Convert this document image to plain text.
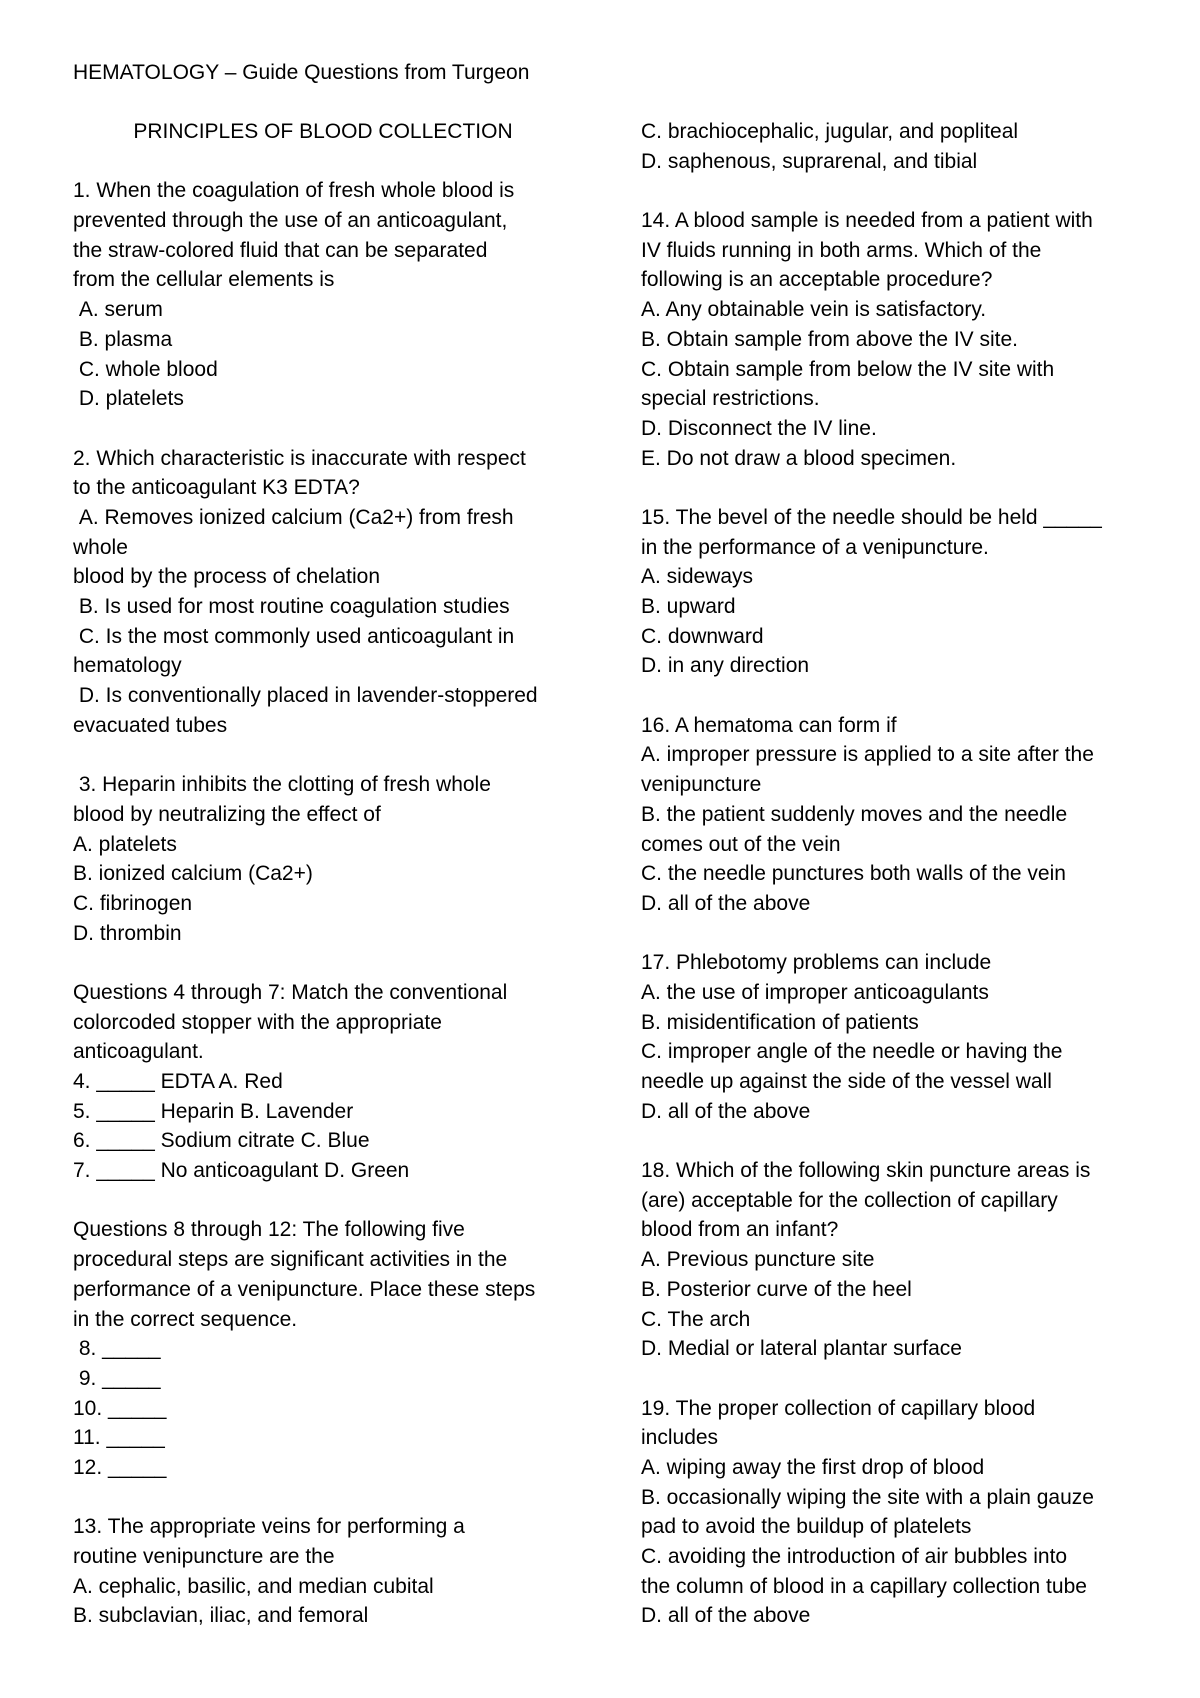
HEMATOLOGY – Guide Questions from Turgeon
PRINCIPLES OF BLOOD COLLECTION
1. When the coagulation of fresh whole blood is
prevented through the use of an anticoagulant,
the straw-colored fluid that can be separated
from the cellular elements is
A. serum
B. plasma
C. whole blood
D. platelets
2. Which characteristic is inaccurate with respect
to the anticoagulant K3 EDTA?
A. Removes ionized calcium (Ca2+) from fresh
whole
blood by the process of chelation
B. Is used for most routine coagulation studies
C. Is the most commonly used anticoagulant in
hematology
D. Is conventionally placed in lavender-stoppered
evacuated tubes
3. Heparin inhibits the clotting of fresh whole
blood by neutralizing the effect of
A. platelets
B. ionized calcium (Ca2+)
C. fibrinogen
D. thrombin
Questions 4 through 7: Match the conventional
colorcoded stopper with the appropriate
anticoagulant.
4. _____ EDTA A. Red
5. _____ Heparin B. Lavender
6. _____ Sodium citrate C. Blue
7. _____ No anticoagulant D. Green
Questions 8 through 12: The following five
procedural steps are significant activities in the
performance of a venipuncture. Place these steps
in the correct sequence.
8. _____
9. _____
10. _____
11. _____
12. _____
13. The appropriate veins for performing a
routine venipuncture are the
A. cephalic, basilic, and median cubital
B. subclavian, iliac, and femoral
C. brachiocephalic, jugular, and popliteal
D. saphenous, suprarenal, and tibial
14. A blood sample is needed from a patient with
IV fluids running in both arms. Which of the
following is an acceptable procedure?
A. Any obtainable vein is satisfactory.
B. Obtain sample from above the IV site.
C. Obtain sample from below the IV site with
special restrictions.
D. Disconnect the IV line.
E. Do not draw a blood specimen.
15. The bevel of the needle should be held _____
in the performance of a venipuncture.
A. sideways
B. upward
C. downward
D. in any direction
16. A hematoma can form if
A. improper pressure is applied to a site after the
venipuncture
B. the patient suddenly moves and the needle
comes out of the vein
C. the needle punctures both walls of the vein
D. all of the above
17. Phlebotomy problems can include
A. the use of improper anticoagulants
B. misidentification of patients
C. improper angle of the needle or having the
needle up against the side of the vessel wall
D. all of the above
18. Which of the following skin puncture areas is
(are) acceptable for the collection of capillary
blood from an infant?
A. Previous puncture site
B. Posterior curve of the heel
C. The arch
D. Medial or lateral plantar surface
19. The proper collection of capillary blood
includes
A. wiping away the first drop of blood
B. occasionally wiping the site with a plain gauze
pad to avoid the buildup of platelets
C. avoiding the introduction of air bubbles into
the column of blood in a capillary collection tube
D. all of the above
